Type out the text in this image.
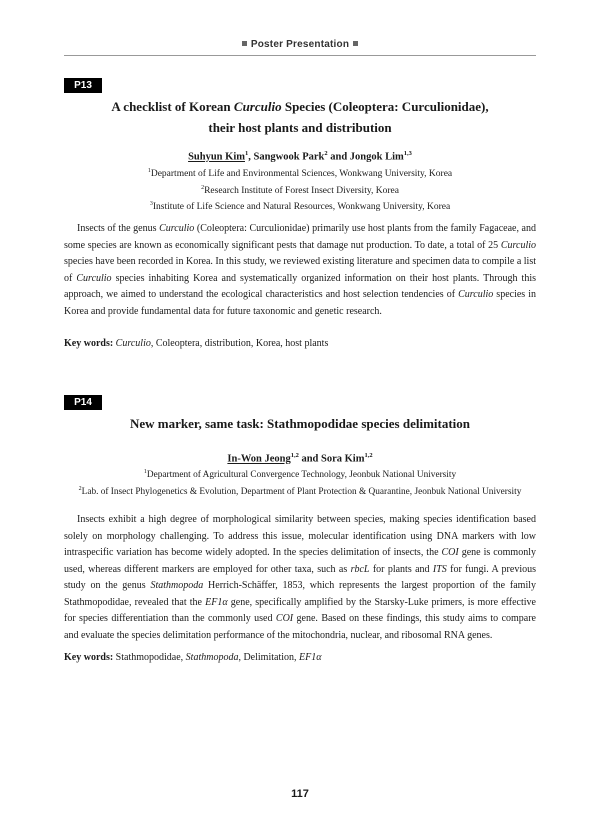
Poster Presentation
P13
A checklist of Korean Curculio Species (Coleoptera: Curculionidae),
their host plants and distribution
Suhyun Kim$^1$, Sangwook Park$^2$ and Jongok Lim$^{1,3}$
$^1$Department of Life and Environmental Sciences, Wonkwang University, Korea
$^2$Research Institute of Forest Insect Diversity, Korea
$^3$Institute of Life Science and Natural Resources, Wonkwang University, Korea

Insects of the genus Curculio (Coleoptera: Curculionidae) primarily use host plants from the family Fagaceae, and some species are known as economically significant pests that damage nut production. To date, a total of 25 Curculio species have been recorded in Korea. In this study, we reviewed existing literature and specimen data to compile a list of Curculio species inhabiting Korea and systematically organized information on their host plants. Through this approach, we aimed to understand the ecological characteristics and host selection tendencies of Curculio species in Korea and provide fundamental data for future taxonomic and genetic research.

Key words: Curculio, Coleoptera, distribution, Korea, host plants
P14
New marker, same task: Stathmopodidae species delimitation
In-Won Jeong$^{1,2}$ and Sora Kim$^{1,2}$
$^1$Department of Agricultural Convergence Technology, Jeonbuk National University
$^2$Lab. of Insect Phylogenetics & Evolution, Department of Plant Protection & Quarantine, Jeonbuk National University

Insects exhibit a high degree of morphological similarity between species, making species identification based solely on morphology challenging. To address this issue, molecular identification using DNA markers with low intraspecific variation has become widely adopted. In the species delimitation of insects, the COI gene is commonly used, whereas different markers are employed for other taxa, such as rbcL for plants and ITS for fungi. A previous study on the genus Stathmopoda Herrich-Schäffer, 1853, which represents the largest proportion of the family Stathmopodidae, revealed that the EF1α gene, specifically amplified by the Starsky-Luke primers, is more effective for species differentiation than the commonly used COI gene. Based on these findings, this study aims to compare and evaluate the species delimitation performance of the mitochondria, nuclear, and ribosomal RNA genes.

Key words: Stathmopodidae, Stathmopoda, Delimitation, EF1α
117
